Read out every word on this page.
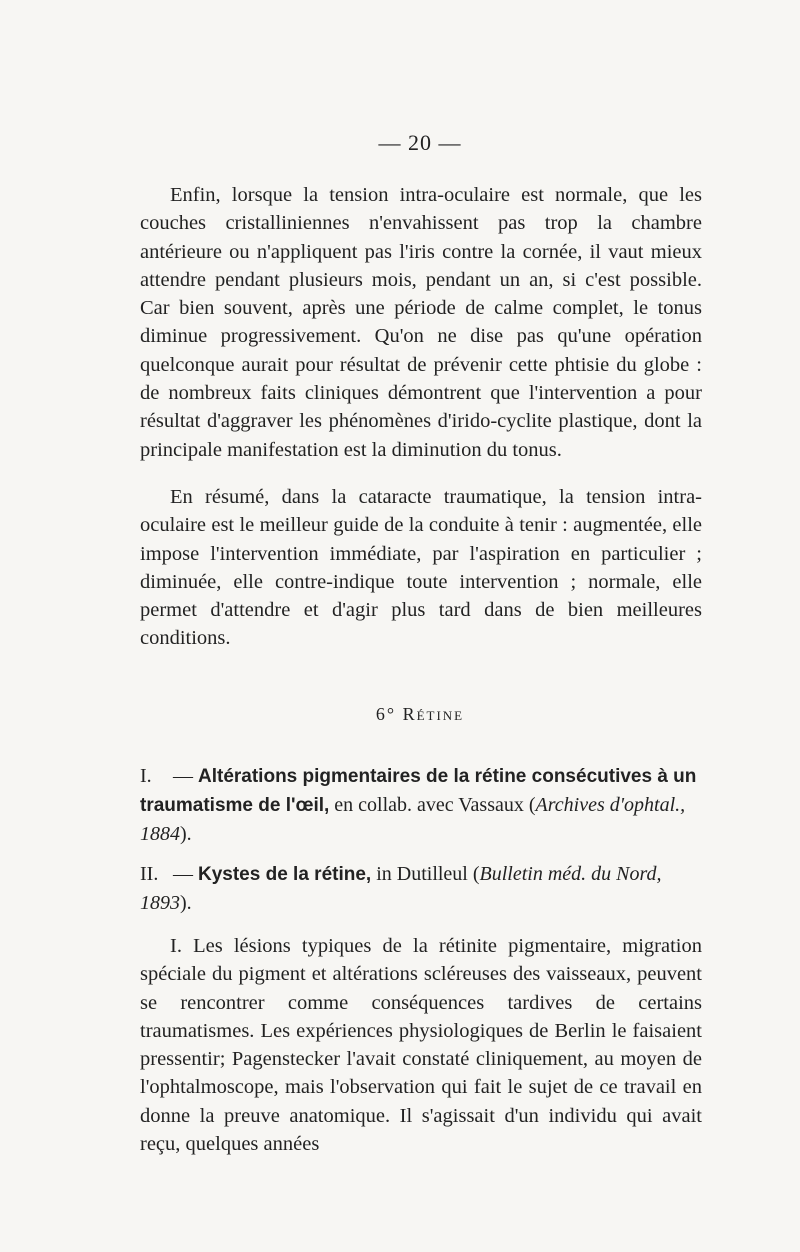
— 20 —

Enfin, lorsque la tension intra-oculaire est normale, que les couches cristalliniennes n'envahissent pas trop la chambre antérieure ou n'appliquent pas l'iris contre la cornée, il vaut mieux attendre pendant plusieurs mois, pendant un an, si c'est possible. Car bien souvent, après une période de calme complet, le tonus diminue progressivement. Qu'on ne dise pas qu'une opération quelconque aurait pour résultat de prévenir cette phtisie du globe : de nombreux faits cliniques démontrent que l'intervention a pour résultat d'aggraver les phénomènes d'irido-cyclite plastique, dont la principale manifestation est la diminution du tonus.

En résumé, dans la cataracte traumatique, la tension intra-oculaire est le meilleur guide de la conduite à tenir : augmentée, elle impose l'intervention immédiate, par l'aspiration en particulier ; diminuée, elle contre-indique toute intervention ; normale, elle permet d'attendre et d'agir plus tard dans de bien meilleures conditions.

6° Rétine

I. — Altérations pigmentaires de la rétine consécutives à un traumatisme de l'œil, en collab. avec Vassaux (Archives d'ophtal., 1884).

II. — Kystes de la rétine, in Dutilleul (Bulletin méd. du Nord, 1893).

I. Les lésions typiques de la rétinite pigmentaire, migration spéciale du pigment et altérations scléreuses des vaisseaux, peuvent se rencontrer comme conséquences tardives de certains traumatismes. Les expériences physiologiques de Berlin le faisaient pressentir; Pagenstecker l'avait constaté cliniquement, au moyen de l'ophtalmoscope, mais l'observation qui fait le sujet de ce travail en donne la preuve anatomique. Il s'agissait d'un individu qui avait reçu, quelques années
